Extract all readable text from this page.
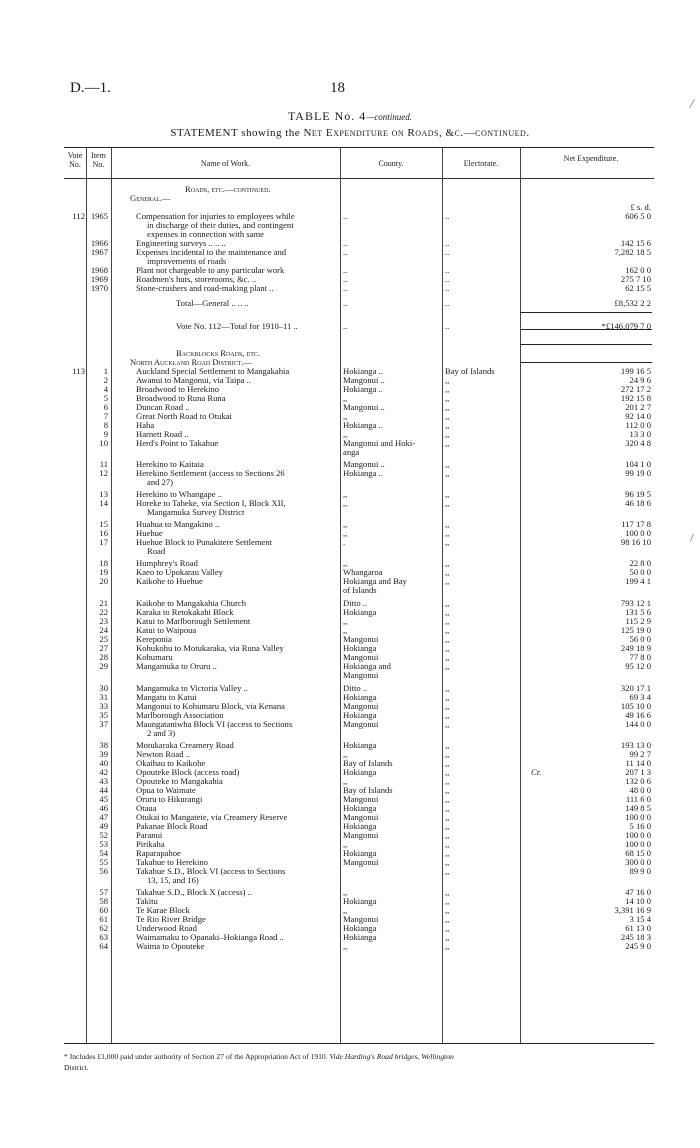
D.—1.	18
TABLE No. 4—continued.
STATEMENT showing the Net Expenditure on Roads, &c.—continued.
Vote No.
Item No.	Name of Work.	County.	Electorate.
Net Expenditure.
Roads, etc.—continued.
General.—
£ s. d.
112 1965	Compensation for injuries to employees while	..	..	606 5 0
in discharge of their duties, and contingent
expenses in connection with same
1966	Engineering surveys .. .. ..	..	..	142 15 6
1967	Expenses incidental to the maintenance and	..	..	7,282 18 5
improvements of roads
1968	Plant not chargeable to any particular work	..	..	162 0 0
1969	Roadmen's huts, storerooms, &c. ..	..	..	275 7 10
1970	Stone-crushers and road-making plant ..	..	..	62 15 5
Total—General .. .. ..	..	..	£8,532 2 2
Vote No. 112—Total for 1910–11 ..	..	..	*£146,079 7 0
Backblocks Roads, etc.
North Auckland Road District.—
113	1	Auckland Special Settlement to Mangakahia	Hokianga ..	Bay of Islands	199 16 5
2	Awanui to Mangonui, via Taipa ..	Mangonui ..	,,	24 9 6
4	Broadwood to Herekino	Hokianga ..	,,	272 17 2
5	Broadwood to Runa Runa	,,	,,	192 15 8
6	Duncan Road ..	Mangonui ..	,,	201 2 7
7	Great North Road to Otukai	,,	,,	92 14 0
8	Haha	Hokianga ..	,,	112 0 0
9	Harnett Road ..	,,	,,	13 3 0
10	Herd's Point to Takahue	Mangonui and Hoki-	,,	320 4 8
anga
11	Herekino to Kaitaia	Mangonui ..	,,	104 1 0
12	Herekino Settlement (access to Sections 26	Hokianga ..	,,	99 19 0
and 27)
13	Herekino to Whangape ..	,,	,,	96 19 5
14	Horeke to Taheke, via Section I, Block XII,	,,	,,	46 18 6
Mangamuka Survey District
15	Huahua to Mangakino ..	,,	,,	117 17 8
16	Huehue	,,	,,	100 0 0
17	Huehue Block to Punakitere Settlement	.	,,	98 16 10
Road
18	Humphrey's Road	,,	,,	22 8 0
19	Kaeo to Upokarau Valley	Whangaroa	,,	50 0 0
20	Kaikohe to Huehue	Hokianga and Bay	,,	199 4 1
of Islands
21	Kaikohe to Mangakahia Church	Ditto ..	,,	793 12 1
22	Karaka to Retokakahi Block	Hokianga	,,	131 5 6
23	Katui to Marlborough Settlement	,,	,,	115 2 9
24	Katui to Waipoua	,,	,,	125 19 0
25	Kereponia	Mangonui	,,	56 0 0
27	Kohukohu to Motukaraka, via Runa Valley	Hokianga	,,	249 18 9
28	Kohumaru	Mangonui	,,	77 8 0
29	Mangamuka to Oruru ..	Hokianga and	,,	95 12 0
Mangonui
30	Mangamuka to Victoria Valley ..	Ditto ..	,,	320 17 1
31	Mangatu to Katui	Hokianga	,,	69 3 4
33	Mangonui to Kohumaru Block, via Kenana	Mangonui	,,	105 10 0
35	Marlborough Association	Hokianga	,,	49 16 6
37	Maungataniwha Block VI (access to Sections	Mangonui	,,	144 0 0
2 and 3)
38	Motukaraka Creamery Road	Hokianga	,,	193 13 0
39	Newton Road ..	,,	,,	99 2 7
40	Okaihau to Kaikohe	Bay of Islands	,,	11 14 0
42	Opouteke Block (access road)	Hokianga	,,	Cr.	207 1 3
43	Opouteke to Mangakahia	,,	,,	132 0 6
44	Opua to Waimate	Bay of Islands	,,	48 0 0
45	Oruru to Hikurangi	Mangonui	,,	111 6 0
46	Otaua	Hokianga	,,	149 8 5
47	Otukai to Mangatete, via Creamery Reserve	Mangonui	,,	100 0 0
49	Pakanae Block Road	Hokianga	,,	5 16 0
52	Paranui	Mangonui	,,	100 0 0
53	Pirikaha	,,	,,	100 0 0
54	Raparapahoe	Hokianga	,,	68 15 0
55	Takahue to Herekino	Mangonui	,,	300 0 0
56	Takahue S.D., Block VI (access to Sections	,,	89 9 0
13, 15, and 16)
57	Takahue S.D., Block X (access) ..	,,	,,	47 16 0
58	Takitu	Hokianga	,,	14 10 0
60	Te Karae Block	,,	,,	3,391 16 9
61	Te Rio River Bridge	Mangonui	,,	3 15 4
62	Underwood Road	Hokianga	,,	61 13 0
63	Waimamaku to Opanaki–Hokianga Road ..	Hokianga	,,	245 18 3
64	Waima to Opouteke	,,	,,	245 9 0
* Includes £1,000 paid under authority of Section 27 of the Appropriation Act of 1910. Vide Harding's Road bridges, Wellington
District.
